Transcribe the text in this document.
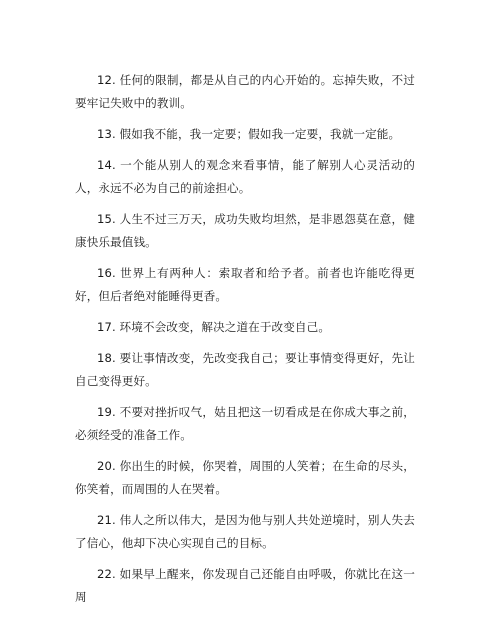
12. 任何的限制，都是从自己的内心开始的。忘掉失败，不过要牢记失败中的教训。

13. 假如我不能，我一定要；假如我一定要，我就一定能。

14. 一个能从别人的观念来看事情，能了解别人心灵活动的人，永远不必为自己的前途担心。

15. 人生不过三万天，成功失败均坦然，是非恩怨莫在意，健康快乐最值钱。

16. 世界上有两种人：索取者和给予者。前者也许能吃得更好，但后者绝对能睡得更香。

17. 环境不会改变，解决之道在于改变自己。

18. 要让事情改变，先改变我自己；要让事情变得更好，先让自己变得更好。

19. 不要对挫折叹气，姑且把这一切看成是在你成大事之前，必须经受的准备工作。

20. 你出生的时候，你哭着，周围的人笑着；在生命的尽头，你笑着，而周围的人在哭着。

21. 伟人之所以伟大，是因为他与别人共处逆境时，别人失去了信心，他却下决心实现自己的目标。

22. 如果早上醒来，你发现自己还能自由呼吸，你就比在这一周
